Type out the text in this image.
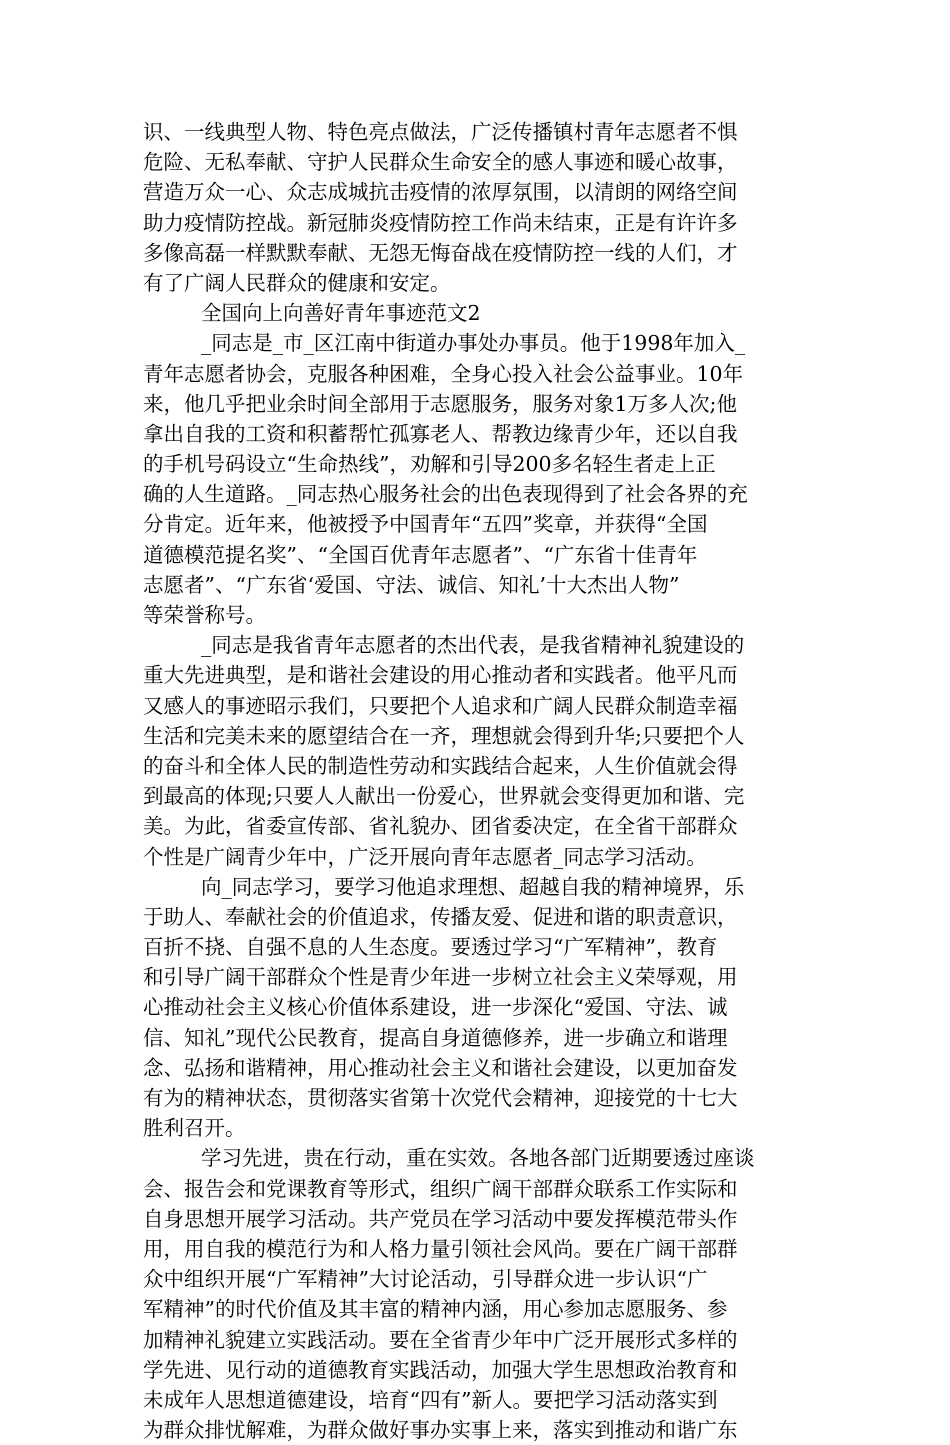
识、一线典型人物、特色亮点做法，广泛传播镇村青年志愿者不惧
危险、无私奉献、守护人民群众生命安全的感人事迹和暖心故事，
营造万众一心、众志成城抗击疫情的浓厚氛围，以清朗的网络空间
助力疫情防控战。新冠肺炎疫情防控工作尚未结束，正是有许许多
多像高磊一样默默奉献、无怨无悔奋战在疫情防控一线的人们，才
有了广阔人民群众的健康和安定。
全国向上向善好青年事迹范文2
_同志是_市_区江南中街道办事处办事员。他于1998年加入_
青年志愿者协会，克服各种困难，全身心投入社会公益事业。10年
来，他几乎把业余时间全部用于志愿服务，服务对象1万多人次;他
拿出自我的工资和积蓄帮忙孤寡老人、帮教边缘青少年，还以自我
的手机号码设立“生命热线”，劝解和引导200多名轻生者走上正
确的人生道路。_同志热心服务社会的出色表现得到了社会各界的充
分肯定。近年来，他被授予中国青年“五四”奖章，并获得“全国
道德模范提名奖”、“全国百优青年志愿者”、“广东省十佳青年
志愿者”、“广东省‘爱国、守法、诚信、知礼’十大杰出人物”
等荣誉称号。
_同志是我省青年志愿者的杰出代表，是我省精神礼貌建设的
重大先进典型，是和谐社会建设的用心推动者和实践者。他平凡而
又感人的事迹昭示我们，只要把个人追求和广阔人民群众制造幸福
生活和完美未来的愿望结合在一齐，理想就会得到升华;只要把个人
的奋斗和全体人民的制造性劳动和实践结合起来，人生价值就会得
到最高的体现;只要人人献出一份爱心，世界就会变得更加和谐、完
美。为此，省委宣传部、省礼貌办、团省委决定，在全省干部群众
个性是广阔青少年中，广泛开展向青年志愿者_同志学习活动。
向_同志学习，要学习他追求理想、超越自我的精神境界，乐
于助人、奉献社会的价值追求，传播友爱、促进和谐的职责意识，
百折不挠、自强不息的人生态度。要透过学习“广军精神”，教育
和引导广阔干部群众个性是青少年进一步树立社会主义荣辱观，用
心推动社会主义核心价值体系建设，进一步深化“爱国、守法、诚
信、知礼”现代公民教育，提高自身道德修养，进一步确立和谐理
念、弘扬和谐精神，用心推动社会主义和谐社会建设，以更加奋发
有为的精神状态，贯彻落实省第十次党代会精神，迎接党的十七大
胜利召开。
学习先进，贵在行动，重在实效。各地各部门近期要透过座谈
会、报告会和党课教育等形式，组织广阔干部群众联系工作实际和
自身思想开展学习活动。共产党员在学习活动中要发挥模范带头作
用，用自我的模范行为和人格力量引领社会风尚。要在广阔干部群
众中组织开展“广军精神”大讨论活动，引导群众进一步认识“广
军精神”的时代价值及其丰富的精神内涵，用心参加志愿服务、参
加精神礼貌建立实践活动。要在全省青少年中广泛开展形式多样的
学先进、见行动的道德教育实践活动，加强大学生思想政治教育和
未成年人思想道德建设，培育“四有”新人。要把学习活动落实到
为群众排忧解难，为群众做好事办实事上来，落实到推动和谐广东
